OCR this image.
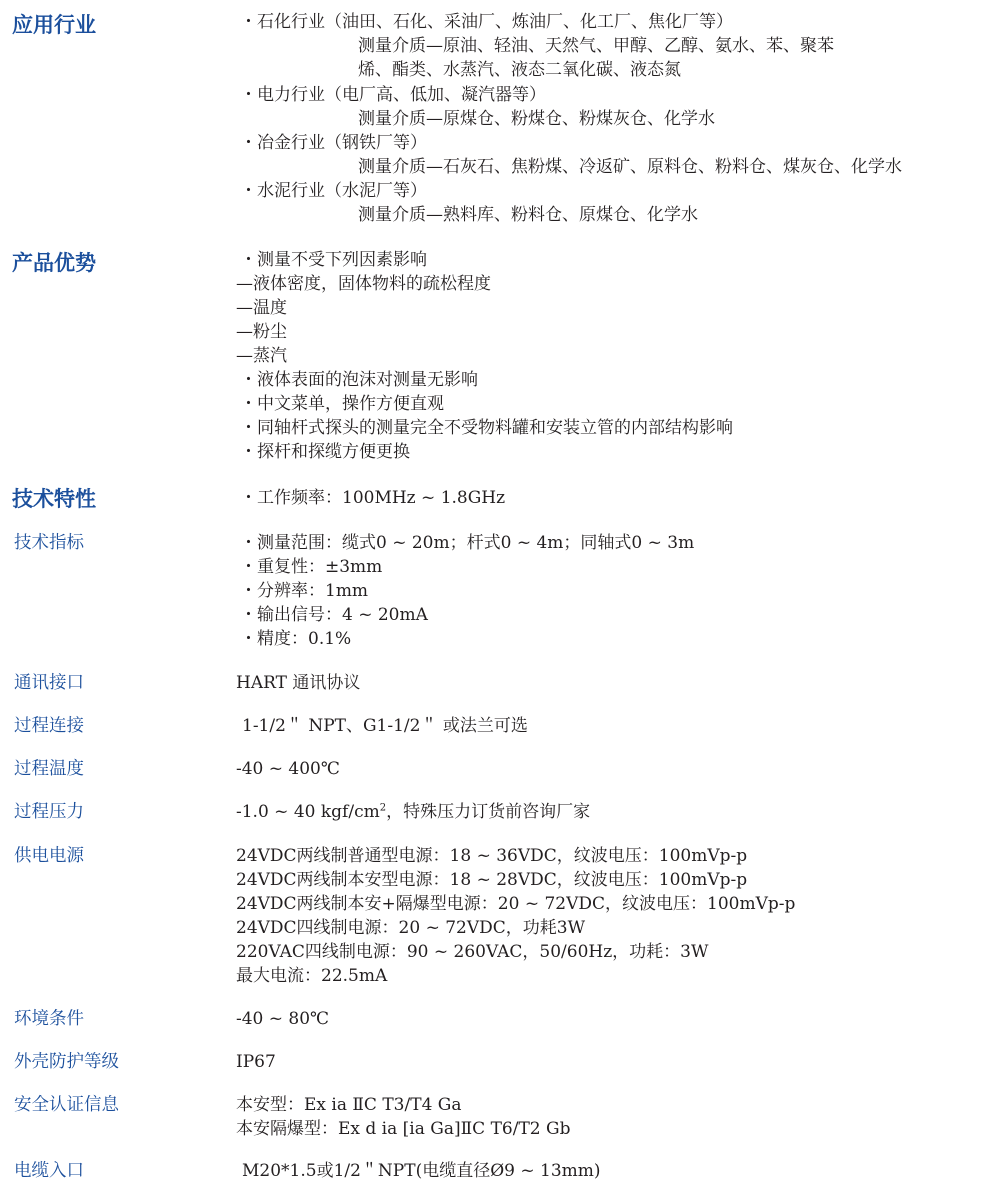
应用行业	・石化行业（油田、石化、采油厂、炼油厂、化工厂、焦化厂等）
测量介质—原油、轻油、天然气、甲醇、乙醇、氨水、苯、聚苯
烯、酯类、水蒸汽、液态二氧化碳、液态氮
・电力行业（电厂高、低加、凝汽器等）
测量介质—原煤仓、粉煤仓、粉煤灰仓、化学水
・冶金行业（钢铁厂等）
测量介质—石灰石、焦粉煤、冷返矿、原料仓、粉料仓、煤灰仓、化学水
・水泥行业（水泥厂等）
测量介质—熟料库、粉料仓、原煤仓、化学水
产品优势	・测量不受下列因素影响
—液体密度，固体物料的疏松程度
—温度
—粉尘
—蒸汽
・液体表面的泡沫对测量无影响
・中文菜单，操作方便直观
・同轴杆式探头的测量完全不受物料罐和安装立管的内部结构影响
・探杆和探缆方便更换
技术特性	・工作频率：100MHz ~ 1.8GHz
技术指标	・测量范围：缆式0 ~ 20m；杆式0 ~ 4m；同轴式0 ~ 3m
・重复性：±3mm
・分辨率：1mm
・输出信号：4 ~ 20mA
・精度：0.1%
通讯接口	HART 通讯协议
过程连接	1-1/2＂ NPT、G1-1/2＂ 或法兰可选
过程温度	-40 ~ 400℃
过程压力	-1.0 ~ 40 kgf/$cm^2$，特殊压力订货前咨询厂家
供电电源	24VDC两线制普通型电源：18 ~ 36VDC，纹波电压：100mVp-p
24VDC两线制本安型电源：18 ~ 28VDC，纹波电压：100mVp-p
24VDC两线制本安+隔爆型电源：20 ~ 72VDC，纹波电压：100mVp-p
24VDC四线制电源：20 ~ 72VDC，功耗3W
220VAC四线制电源：90 ~ 260VAC，50/60Hz，功耗：3W
最大电流：22.5mA
环境条件	-40 ~ 80℃
外壳防护等级	IP67
安全认证信息	本安型：Ex ia ⅡC T3/T4 Ga
本安隔爆型：Ex d ia [ia Ga]ⅡC T6/T2 Gb
电缆入口	M20*1.5或1/2＂NPT(电缆直径Ø9 ~ 13mm)
